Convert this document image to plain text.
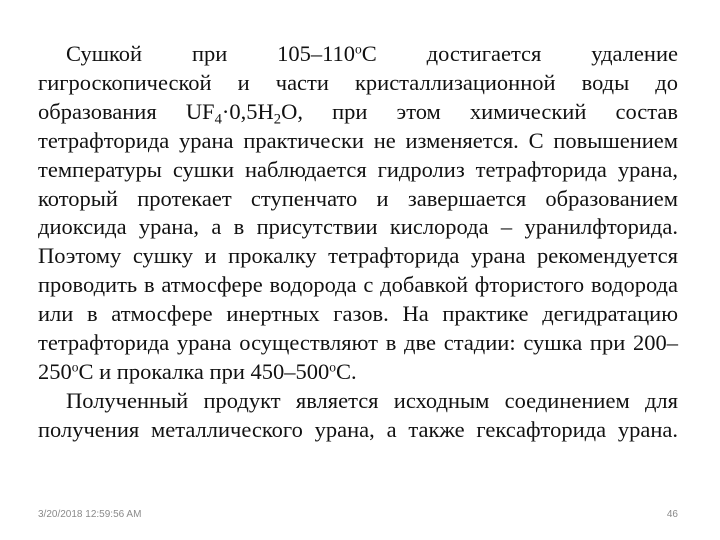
Сушкой при $105-110^оС$ достигается удаление гигроскопической и части кристаллизационной воды до образования $UF_4\cdot 0,5H_2O$, при этом химический состав тетрафторида урана практически не изменяется. С повышением температуры сушки наблюдается гидролиз тетрафторида урана, который протекает ступенчато и завершается образованием диоксида урана, а в присутствии кислорода – уранилфторида. Поэтому сушку и прокалку тетрафторида урана рекомендуется проводить в атмосфере водорода с добавкой фтористого водорода или в атмосфере инертных газов. На практике дегидратацию тетрафторида урана осуществляют в две стадии: сушка при $200-250^оС$ и прокалка при $450-500^оС$.

Полученный продукт является исходным соединением для получения металлического урана, а также гексафторида урана.

3/20/2018 12:59:56 AM	46
